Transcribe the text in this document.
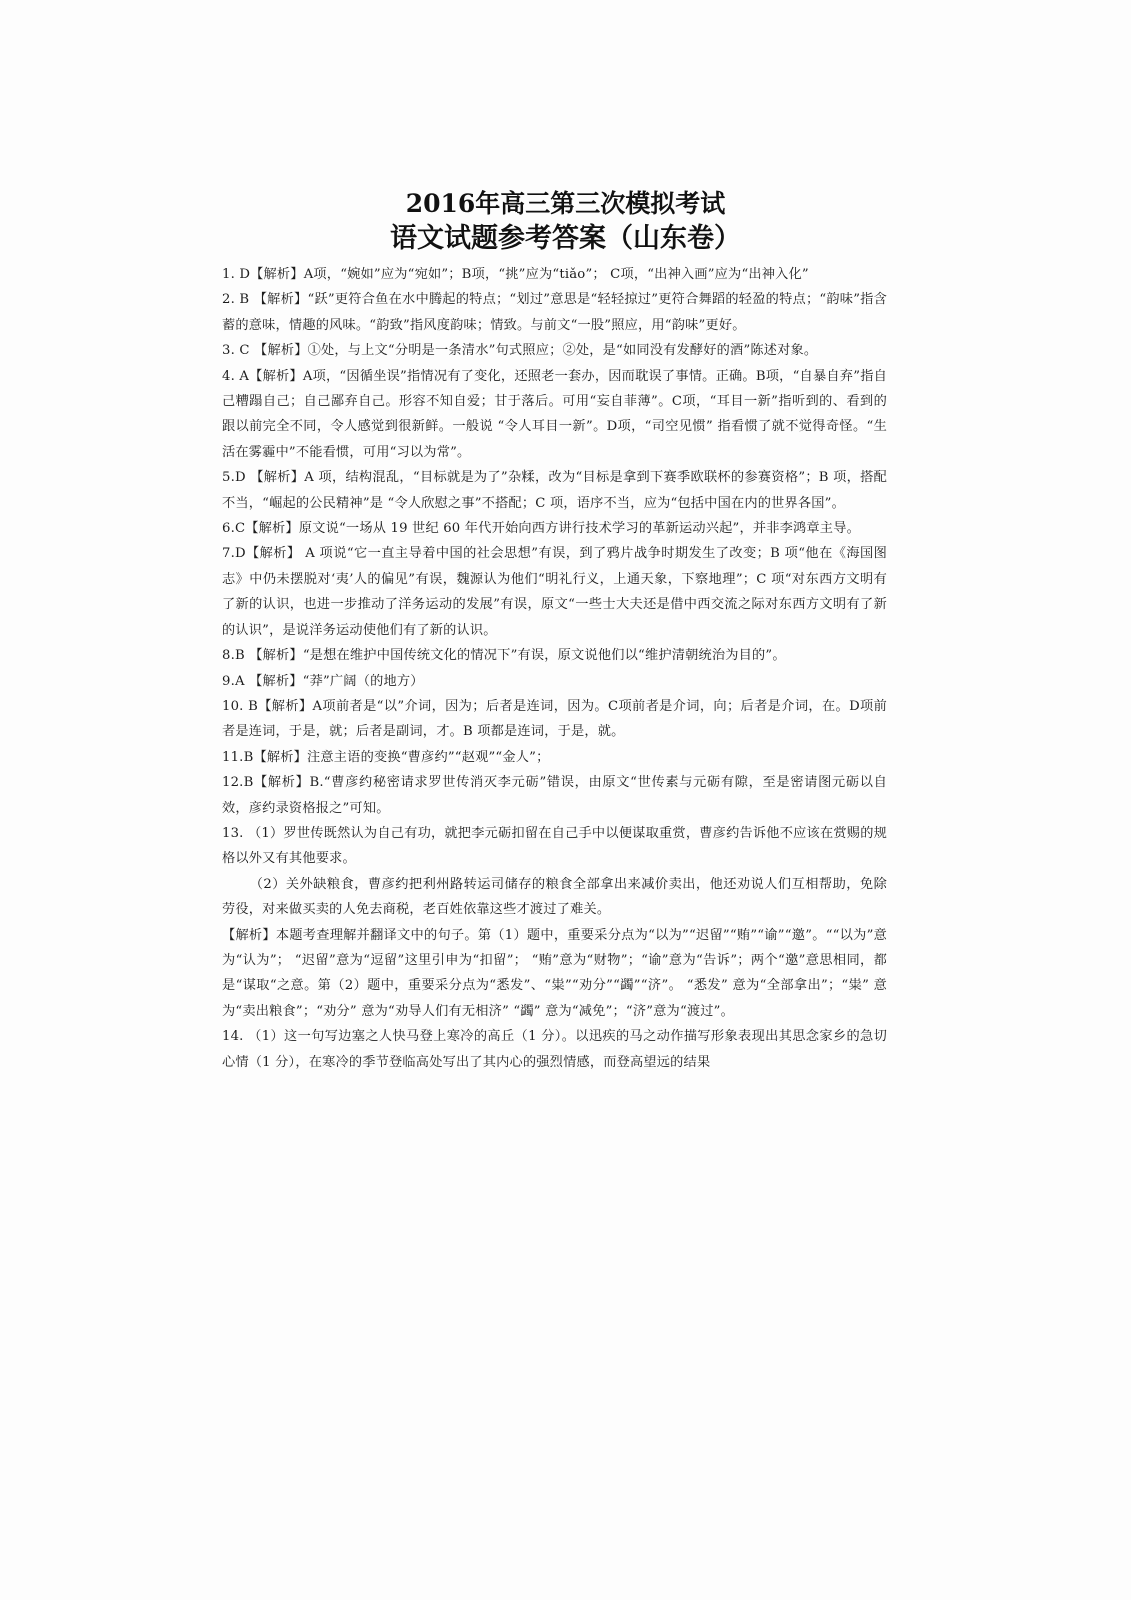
2016年高三第三次模拟考试

语文试题参考答案（山东卷）

1. D【解析】A项，“婉如”应为“宛如”；B项，“挑”应为“tiǎo”； C项，“出神入画”应为“出神入化”

2. B 【解析】“跃”更符合鱼在水中腾起的特点；“划过”意思是“轻轻掠过”更符合舞蹈的轻盈的特点；“韵味”指含蓄的意味，情趣的风味。“韵致”指风度韵味；情致。与前文“一股”照应，用“韵味”更好。

3. C 【解析】①处，与上文“分明是一条清水”句式照应；②处，是“如同没有发酵好的酒”陈述对象。

4. A【解析】A项，“因循坐误”指情况有了变化，还照老一套办，因而耽误了事情。正确。B项，“自暴自弃”指自己糟蹋自己；自己鄙弃自己。形容不知自爱；甘于落后。可用“妄自菲薄”。C项，“耳目一新”指听到的、看到的跟以前完全不同，令人感觉到很新鲜。一般说 “令人耳目一新”。D项，“司空见惯” 指看惯了就不觉得奇怪。“生活在雾霾中”不能看惯，可用“习以为常”。

5.D 【解析】A 项，结构混乱，“目标就是为了”杂糅，改为“目标是拿到下赛季欧联杯的参赛资格”；B 项，搭配不当，“崛起的公民精神”是 “令人欣慰之事”不搭配；C 项，语序不当，应为“包括中国在内的世界各国”。

6.C【解析】原文说“一场从 19 世纪 60 年代开始向西方讲行技术学习的革新运动兴起”，并非李鸿章主导。

7.D【解析】 A 项说“它一直主导着中国的社会思想”有误，到了鸦片战争时期发生了改变；B 项“他在《海国图志》中仍未摆脱对‘夷’人的偏见”有误，魏源认为他们“明礼行义，上通天象，下察地理”；C 项“对东西方文明有了新的认识，也进一步推动了洋务运动的发展”有误，原文“一些士大夫还是借中西交流之际对东西方文明有了新的认识”，是说洋务运动使他们有了新的认识。

8.B 【解析】“是想在维护中国传统文化的情况下”有误，原文说他们以“维护清朝统治为目的”。

9.A 【解析】“莽”广阔（的地方）

10. B【解析】A项前者是“以”介词，因为；后者是连词，因为。C项前者是介词，向；后者是介词，在。D项前者是连词，于是，就；后者是副词，才。B 项都是连词，于是，就。

11.B【解析】注意主语的变换“曹彦约”“赵观”“金人”；

12.B【解析】B.“曹彦约秘密请求罗世传消灭李元砺”错误，由原文“世传素与元砺有隙，至是密请图元砺以自效，彦约录资格报之”可知。

13. （1）罗世传既然认为自己有功，就把李元砺扣留在自己手中以便谋取重赏，曹彦约告诉他不应该在赏赐的规格以外又有其他要求。

（2）关外缺粮食，曹彦约把利州路转运司储存的粮食全部拿出来减价卖出，他还劝说人们互相帮助，免除劳役，对来做买卖的人免去商税，老百姓依靠这些才渡过了难关。

【解析】本题考查理解并翻译文中的句子。第（1）题中，重要采分点为“以为”“迟留”“贿”“谕”“邀”。““以为”意为“认为”； “迟留”意为“逗留”这里引申为“扣留”； “贿”意为“财物”；“谕”意为“告诉”；两个“邀”意思相同，都是“谋取“之意。第（2）题中，重要采分点为“悉发”、“粜”“劝分”“蠲”“济”。 “悉发” 意为“全部拿出”；“粜” 意为“卖出粮食”；“劝分” 意为“劝导人们有无相济” “蠲” 意为“减免”；“济”意为“渡过”。

14. （1）这一句写边塞之人快马登上寒冷的高丘（1 分）。以迅疾的马之动作描写形象表现出其思念家乡的急切心情（1 分），在寒冷的季节登临高处写出了其内心的强烈情感，而登高望远的结果
